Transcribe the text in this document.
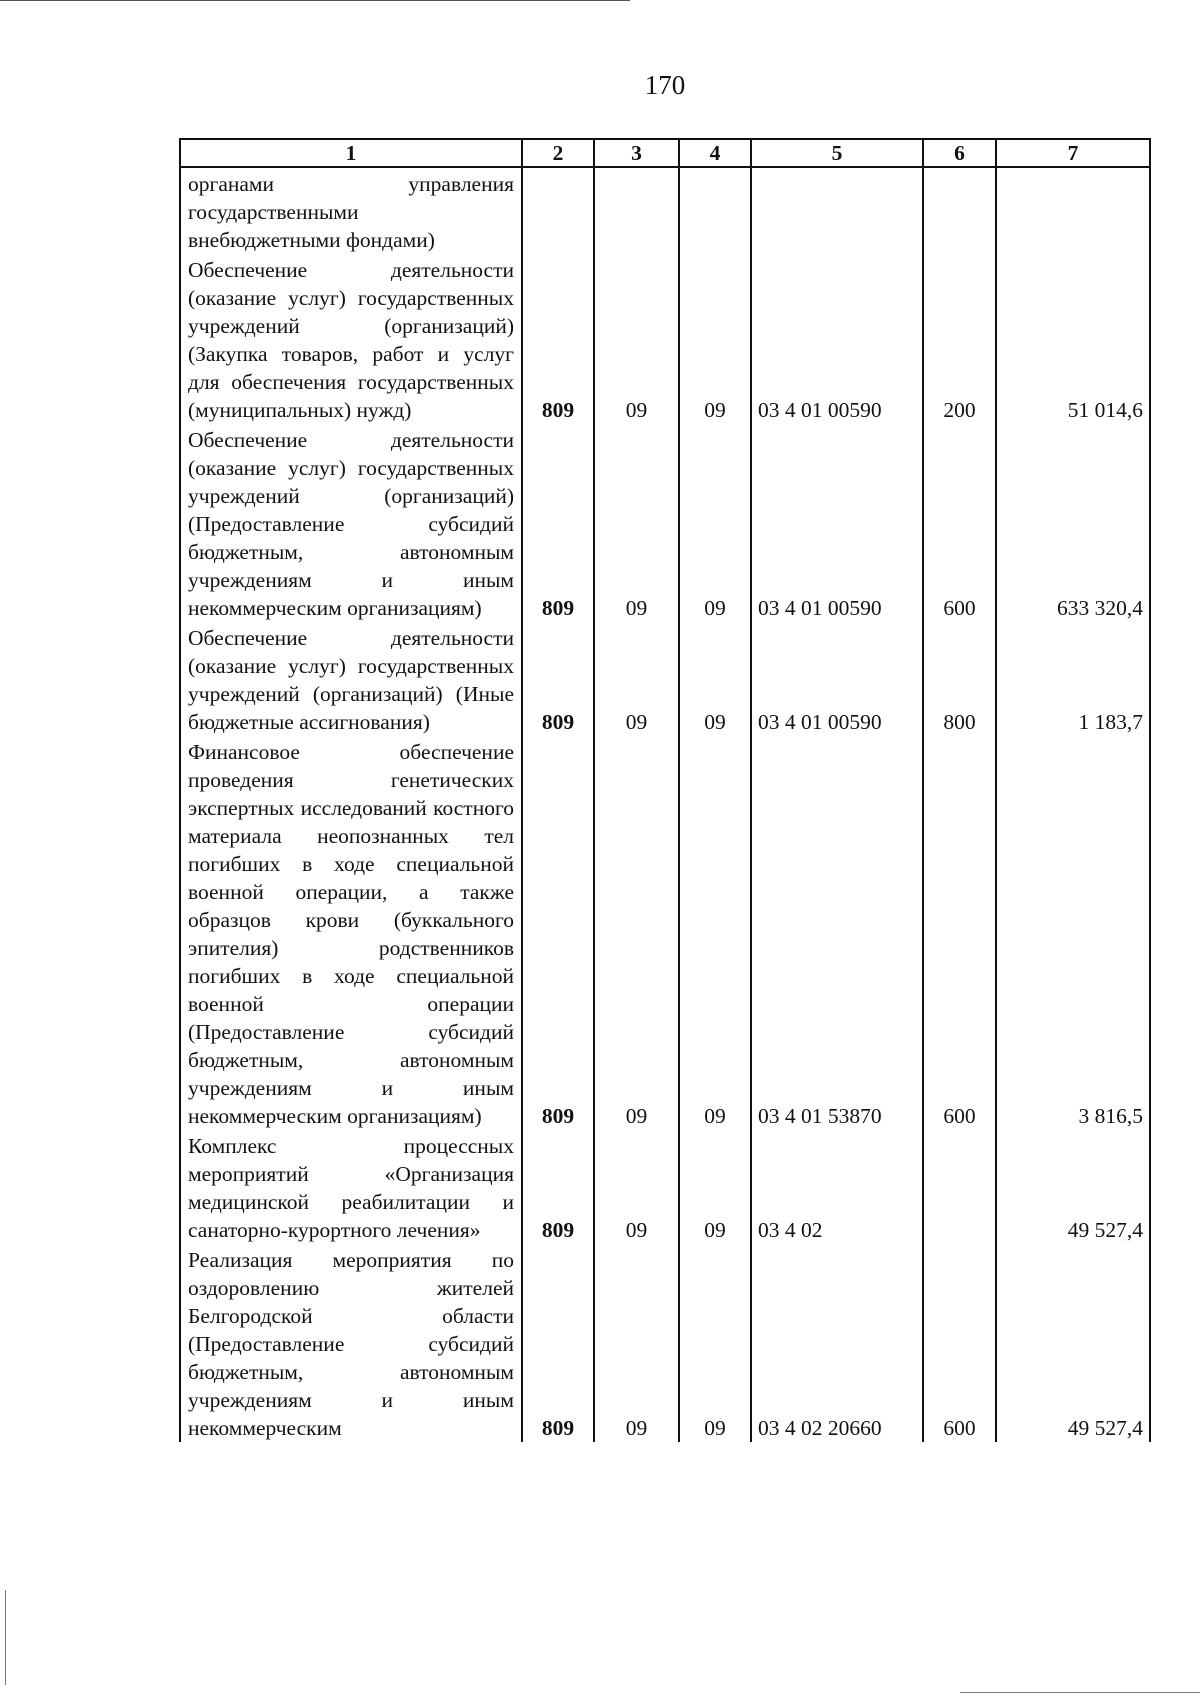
170
1	2	3	4	5	6	7
органами управления государственными внебюджетными фондами)						
Обеспечение деятельности (оказание услуг) государственных учреждений (организаций) (Закупка товаров, работ и услуг для обеспечения государственных (муниципальных) нужд)	809	09	09	03 4 01 00590	200	51 014,6
Обеспечение деятельности (оказание услуг) государственных учреждений (организаций) (Предоставление субсидий бюджетным, автономным учреждениям и иным некоммерческим организациям)	809	09	09	03 4 01 00590	600	633 320,4
Обеспечение деятельности (оказание услуг) государственных учреждений (организаций) (Иные бюджетные ассигнования)	809	09	09	03 4 01 00590	800	1 183,7
Финансовое обеспечение проведения генетических экспертных исследований костного материала неопознанных тел погибших в ходе специальной военной операции, а также образцов крови (буккального эпителия) родственников погибших в ходе специальной военной операции (Предоставление субсидий бюджетным, автономным учреждениям и иным некоммерческим организациям)	809	09	09	03 4 01 53870	600	3 816,5
Комплекс процессных мероприятий «Организация медицинской реабилитации и санаторно-курортного лечения»	809	09	09	03 4 02		49 527,4
Реализация мероприятия по оздоровлению жителей Белгородской области (Предоставление субсидий бюджетным, автономным учреждениям и иным некоммерческим	809	09	09	03 4 02 20660	600	49 527,4
